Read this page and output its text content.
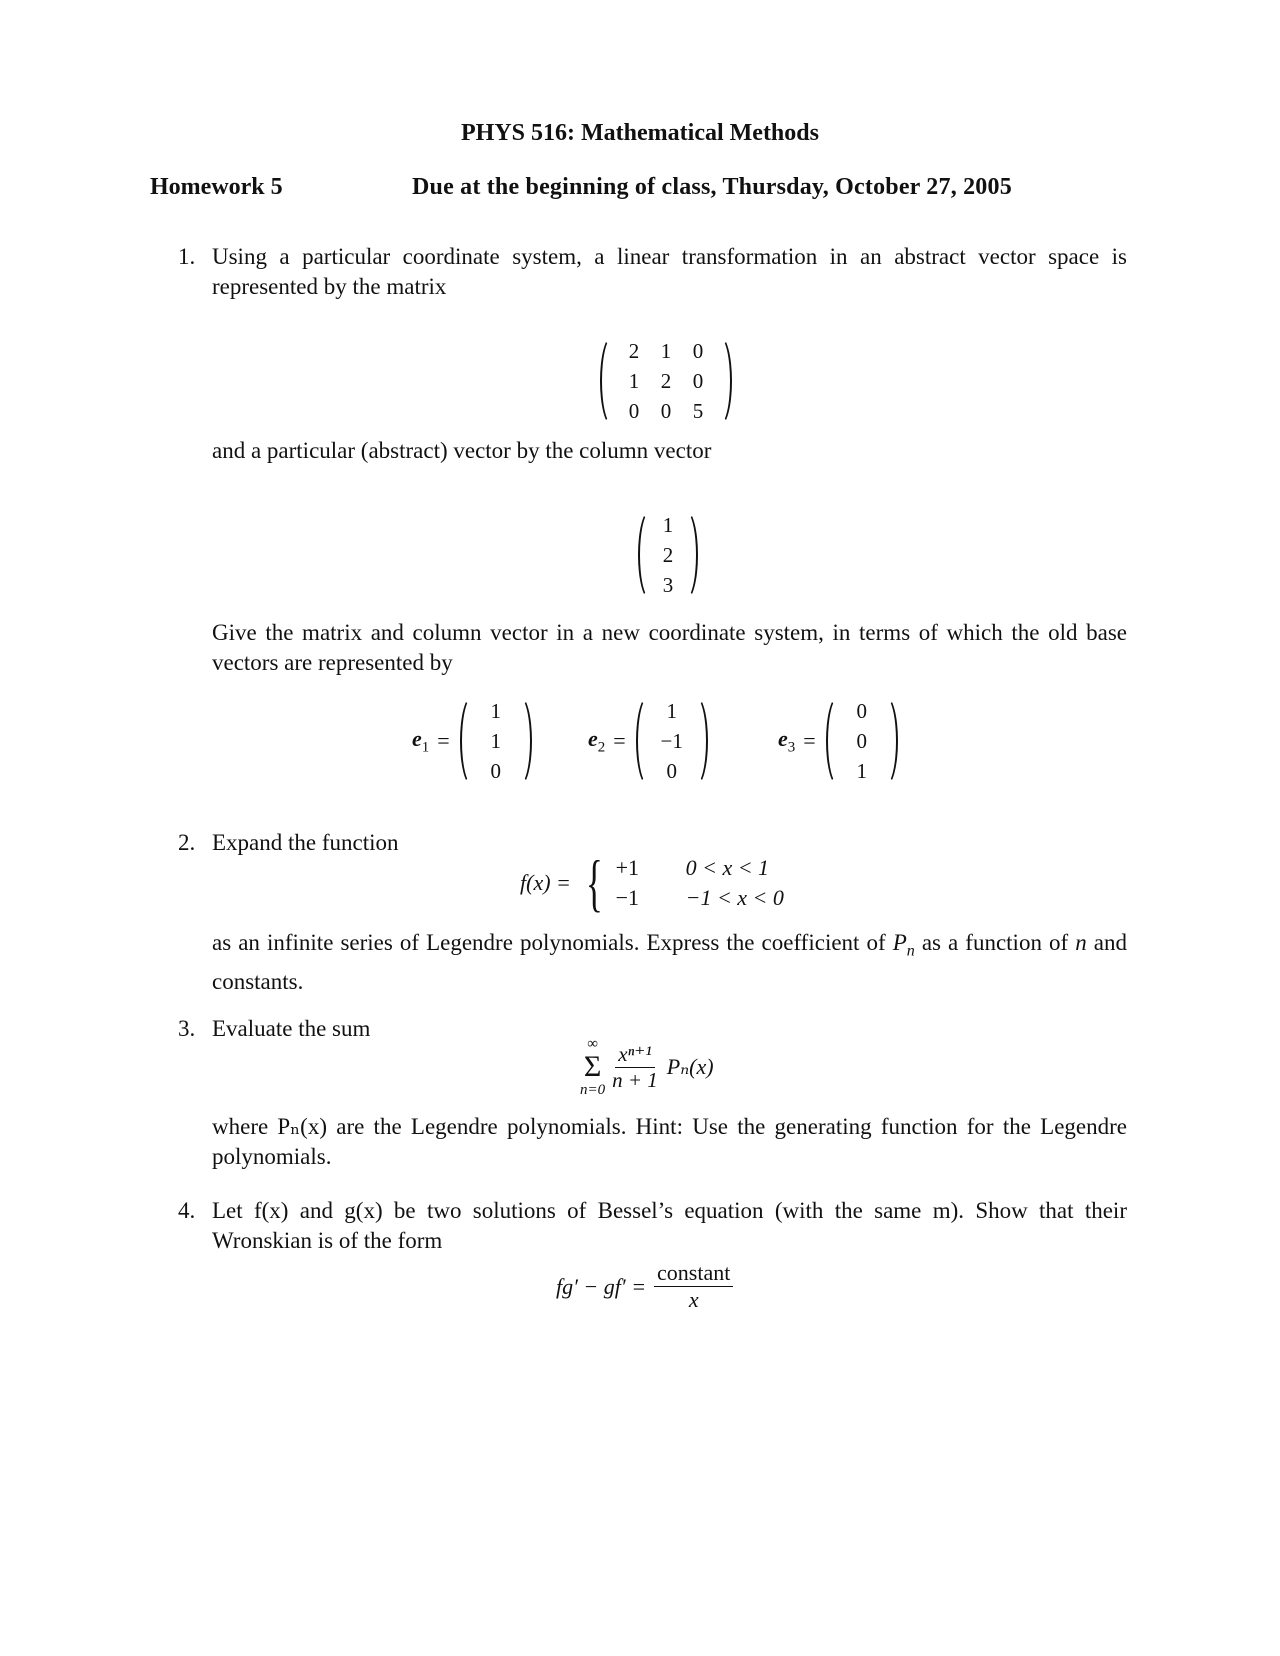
PHYS 516: Mathematical Methods
Homework 5	Due at the beginning of class, Thursday, October 27, 2005
1. Using a particular coordinate system, a linear transformation in an abstract vector space is represented by the matrix
2	1	0
1	2	0
0	0	5
and a particular (abstract) vector by the column vector
1
2
3
Give the matrix and column vector in a new coordinate system, in terms of which the old base vectors are represented by
$e_1$ =
1
1
0
$e_2$ =
1
−1
0
$e_3$ =
0
0
1
2. Expand the function
f(x) = { +1	0 < x < 1
−1	−1 < x < 0
as an infinite series of Legendre polynomials. Express the coefficient of $P_n$ as a function of n and constants.
3. Evaluate the sum
∞
Σ
$n=0 \frac{\text{xⁿ⁺¹}}{n + 1} P_n(x)$
where Pₙ(x) are the Legendre polynomials. Hint: Use the generating function for the Legendre polynomials.
4. Let f(x) and g(x) be two solutions of Bessel’s equation (with the same m). Show that their Wronskian is of the form
$fg' - gf' = \frac{\text{constant}}{x}$
